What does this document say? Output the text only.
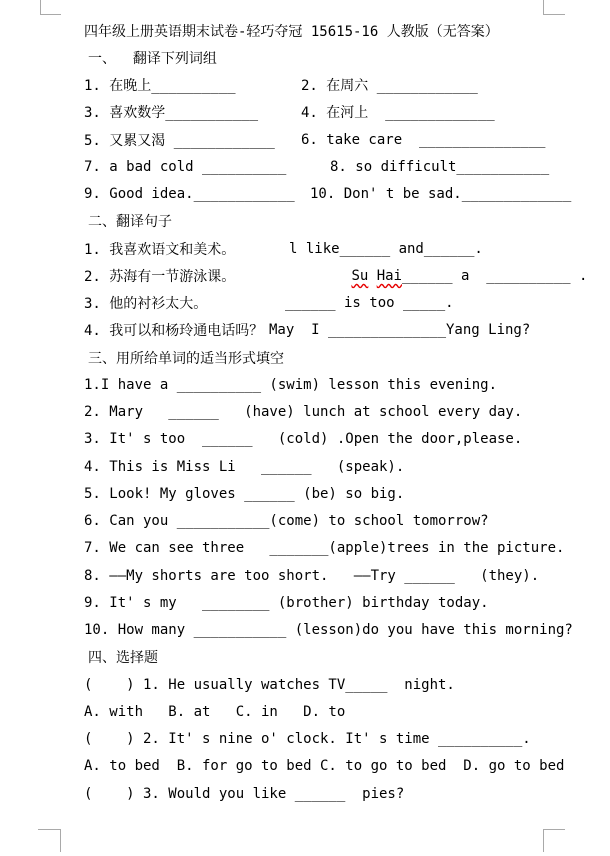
四年级上册英语期末试卷-轻巧夺冠 15615-16 人教版（无答案）
一、  翻译下列词组
1. 在晚上__________	2. 在周六 ____________
3. 喜欢数学___________	4. 在河上  _____________
5. 又累又渴 ____________ 6. take care  _______________
7. a bad cold __________	8. so difficult___________
9. Good idea.____________ 10. Don' t be sad._____________
二、翻译句子
1. 我喜欢语文和美术。	l like______ and______.
2. 苏海有一节游泳课。	Su Hai______ a  __________ .

3. 他的衬衫太大。	______ is too _____.
4. 我可以和杨玲通电话吗？ May  I ______________Yang Ling?
三、用所给单词的适当形式填空
1.I have a __________ (swim) lesson this evening.
2. Mary   ______   (have) lunch at school every day.
3. It' s too  ______   (cold) .Open the door,please.
4. This is Miss Li   ______   (speak).
5. Look! My gloves ______ (be) so big.
6. Can you ___________(come) to school tomorrow?
7. We can see three   _______(apple)trees in the picture.
8. ——My shorts are too short.   ——Try ______   (they).
9. It' s my   ________ (brother) birthday today.
10. How many ___________ (lesson)do you have this morning?
四、选择题
(    ) 1. He usually watches TV_____  night.
A. with   B. at   C. in   D. to
(    ) 2. It' s nine o' clock. It' s time __________.
A. to bed  B. for go to bed C. to go to bed  D. go to bed
(    ) 3. Would you like ______  pies?
